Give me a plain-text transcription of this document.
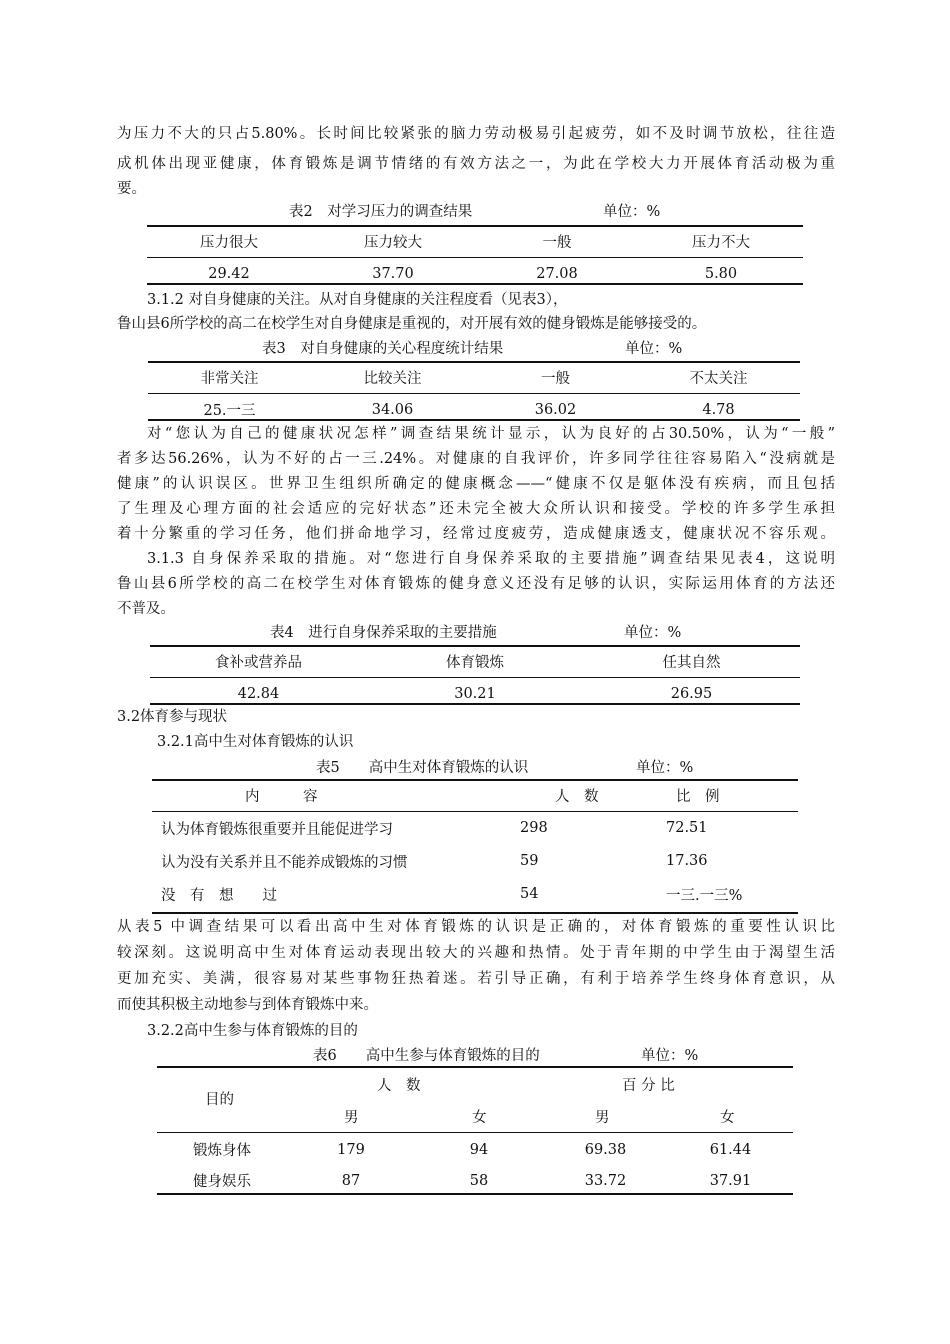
为压力不大的只占5.80%。长时间比较紧张的脑力劳动极易引起疲劳，如不及时调节放松，往往造
成机体出现亚健康，体育锻炼是调节情绪的有效方法之一，为此在学校大力开展体育活动极为重
要。
表2　对学习压力的调查结果	单位：%
压力很大	压力较大	一般	压力不大
29.42	37.70	27.08	5.80
3.1.2 对自身健康的关注。从对自身健康的关注程度看（见表3），
鲁山县6所学校的高二在校学生对自身健康是重视的，对开展有效的健身锻炼是能够接受的。
表3　对自身健康的关心程度统计结果	单位：%
非常关注	比较关注	一般	不太关注
25.一三	34.06	36.02	4.78
对“您认为自己的健康状况怎样”调查结果统计显示，认为良好的占30.50%，认为“一般”
者多达56.26%，认为不好的占一三.24%。对健康的自我评价，许多同学往往容易陷入“没病就是
健康”的认识误区。世界卫生组织所确定的健康概念——“健康不仅是躯体没有疾病，而且包括
了生理及心理方面的社会适应的完好状态”还未完全被大众所认识和接受。学校的许多学生承担
着十分繁重的学习任务，他们拼命地学习，经常过度疲劳，造成健康透支，健康状况不容乐观。
3.1.3 自身保养采取的措施。对“您进行自身保养采取的主要措施”调查结果见表4，这说明
鲁山县6所学校的高二在校学生对体育锻炼的健身意义还没有足够的认识，实际运用体育的方法还
不普及。
表4　进行自身保养采取的主要措施	单位：%
食补或营养品	体育锻炼	任其自然
42.84	30.21	26.95
3.2体育参与现状
3.2.1高中生对体育锻炼的认识
表5　　高中生对体育锻炼的认识	单位：%
内　　　容	人　数	比　例
认为体育锻炼很重要并且能促进学习	298	72.51
认为没有关系并且不能养成锻炼的习惯	59	17.36
没　有　想　　过	54	一三.一三%
从表5 中调查结果可以看出高中生对体育锻炼的认识是正确的，对体育锻炼的重要性认识比
较深刻。这说明高中生对体育运动表现出较大的兴趣和热情。处于青年期的中学生由于渴望生活
更加充实、美满，很容易对某些事物狂热着迷。若引导正确，有利于培养学生终身体育意识，从
而使其积极主动地参与到体育锻炼中来。
3.2.2高中生参与体育锻炼的目的
表6　　高中生参与体育锻炼的目的	单位：%
目的
人　数	百 分 比
男	女	男	女
锻炼身体	179	94	69.38	61.44
健身娱乐	87	58	33.72	37.91
